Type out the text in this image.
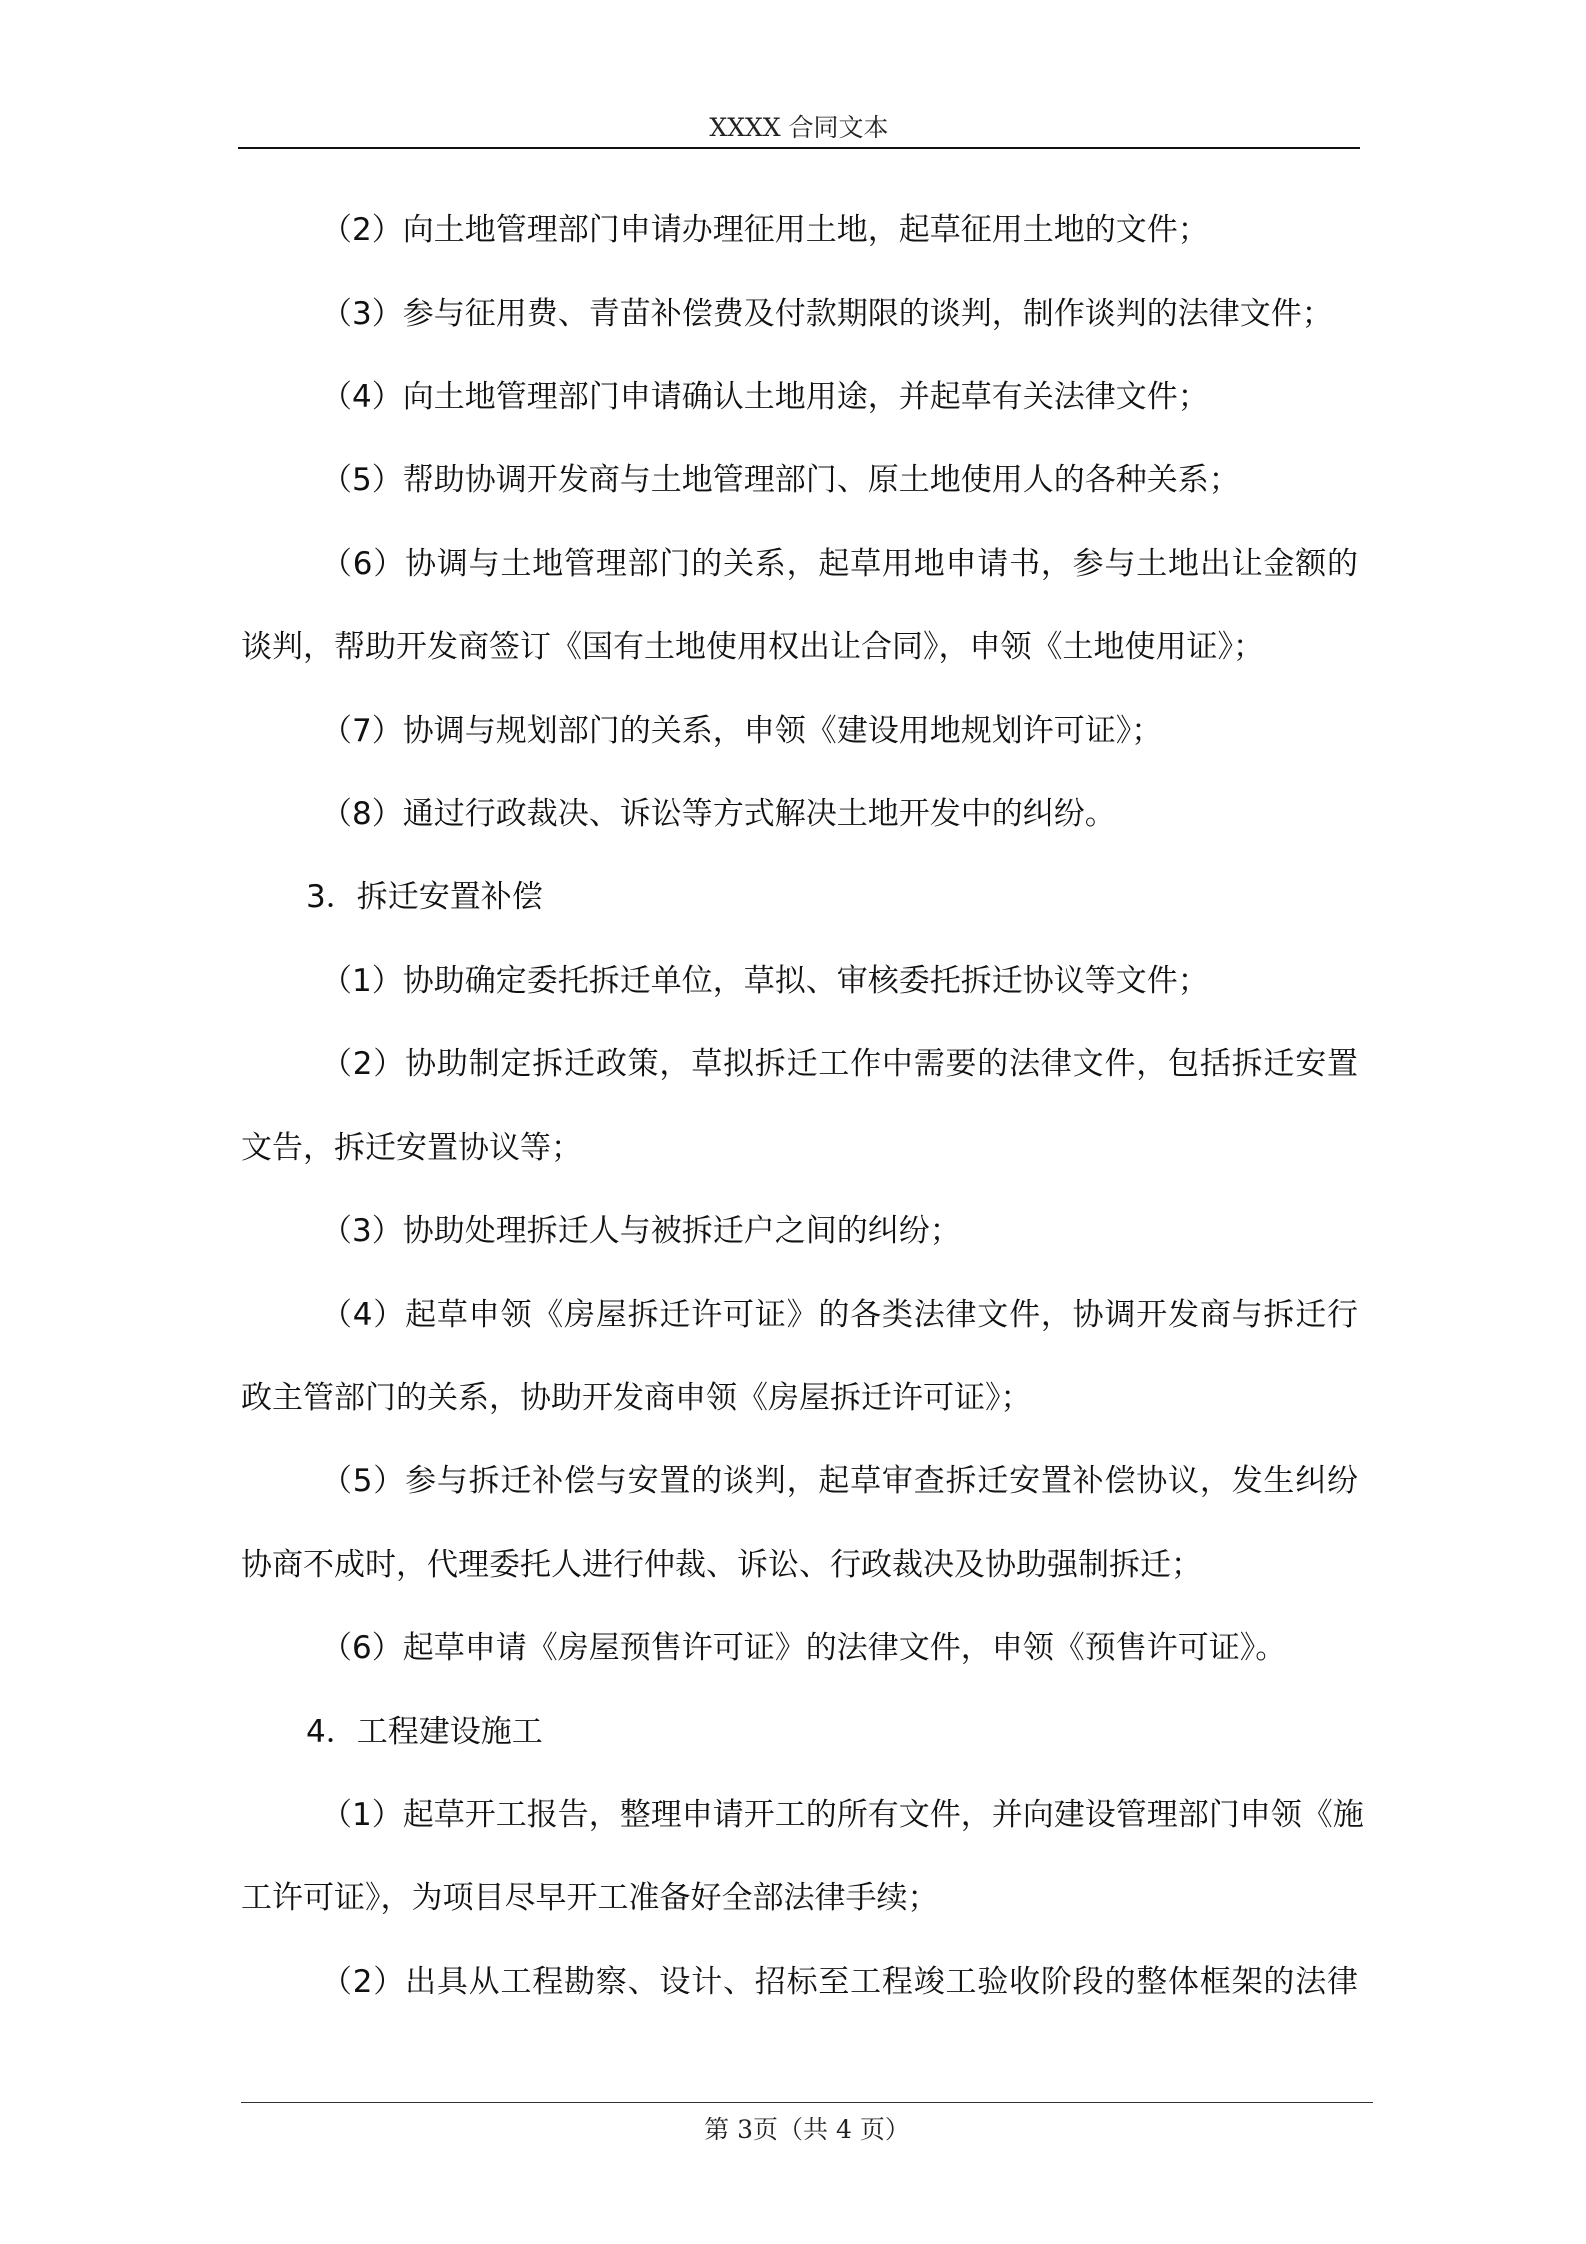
XXXX 合同文本
（2）向土地管理部门申请办理征用土地，起草征用土地的文件；
（3）参与征用费、青苗补偿费及付款期限的谈判，制作谈判的法律文件；
（4）向土地管理部门申请确认土地用途，并起草有关法律文件；
（5）帮助协调开发商与土地管理部门、原土地使用人的各种关系；
（6）协调与土地管理部门的关系，起草用地申请书，参与土地出让金额的
谈判，帮助开发商签订《国有土地使用权出让合同》，申领《土地使用证》；
（7）协调与规划部门的关系，申领《建设用地规划许可证》；
（8）通过行政裁决、诉讼等方式解决土地开发中的纠纷。
3．拆迁安置补偿
（1）协助确定委托拆迁单位，草拟、审核委托拆迁协议等文件；
（2）协助制定拆迁政策，草拟拆迁工作中需要的法律文件，包括拆迁安置
文告，拆迁安置协议等；
（3）协助处理拆迁人与被拆迁户之间的纠纷；
（4）起草申领《房屋拆迁许可证》的各类法律文件，协调开发商与拆迁行
政主管部门的关系，协助开发商申领《房屋拆迁许可证》；
（5）参与拆迁补偿与安置的谈判，起草审查拆迁安置补偿协议，发生纠纷
协商不成时，代理委托人进行仲裁、诉讼、行政裁决及协助强制拆迁；
（6）起草申请《房屋预售许可证》的法律文件，申领《预售许可证》。
4．工程建设施工
（1）起草开工报告，整理申请开工的所有文件，并向建设管理部门申领《施
工许可证》，为项目尽早开工准备好全部法律手续；
（2）出具从工程勘察、设计、招标至工程竣工验收阶段的整体框架的法律
第 3页（共 4 页）
